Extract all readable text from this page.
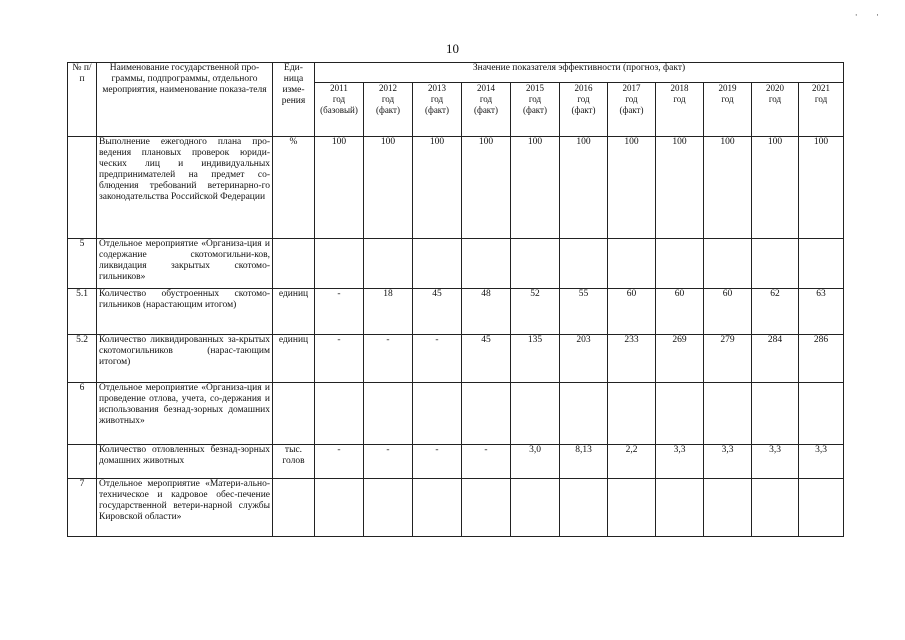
· ·
10
№ п/п	Наименование государственной про-граммы, подпрограммы, отдельного мероприятия, наименование показа-теля	Еди-ница изме-рения	Значение показателя эффективности (прогноз, факт)										

			2011
год
(базовый)	2012
год
(факт)	2013
год
(факт)	2014
год
(факт)	2015
год
(факт)	2016
год
(факт)	2017
год
(факт)	2018
год	2019
год	2020
год	2021
год

	Выполнение ежегодного плана про-ведения плановых проверок юриди-ческих лиц и индивидуальных предпринимателей на предмет со-блюдения требований ветеринарно-го законодательства Российской Федерации	%	100	100	100	100	100	100	100	100	100	100	100
5	Отдельное мероприятие «Организа-ция и содержание скотомогильни-ков, ликвидация закрытых скотомо-гильников»												
5.1	Количество обустроенных скотомо-гильников (нарастающим итогом)	единиц	-	18	45	48	52	55	60	60	60	62	63
5.2	Количество ликвидированных за-крытых скотомогильников (нарас-тающим итогом)	единиц	-	-	-	45	135	203	233	269	279	284	286
6	Отдельное мероприятие «Организа-ция и проведение отлова, учета, со-держания и использования безнад-зорных домашних животных»												
	Количество отловленных безнад-зорных домашних животных	тыс. голов	-	-	-	-	3,0	8,13	2,2	3,3	3,3	3,3	3,3
7	Отдельное мероприятие «Матери-ально-техническое и кадровое обес-печение государственной ветери-нарной службы Кировской области»												
